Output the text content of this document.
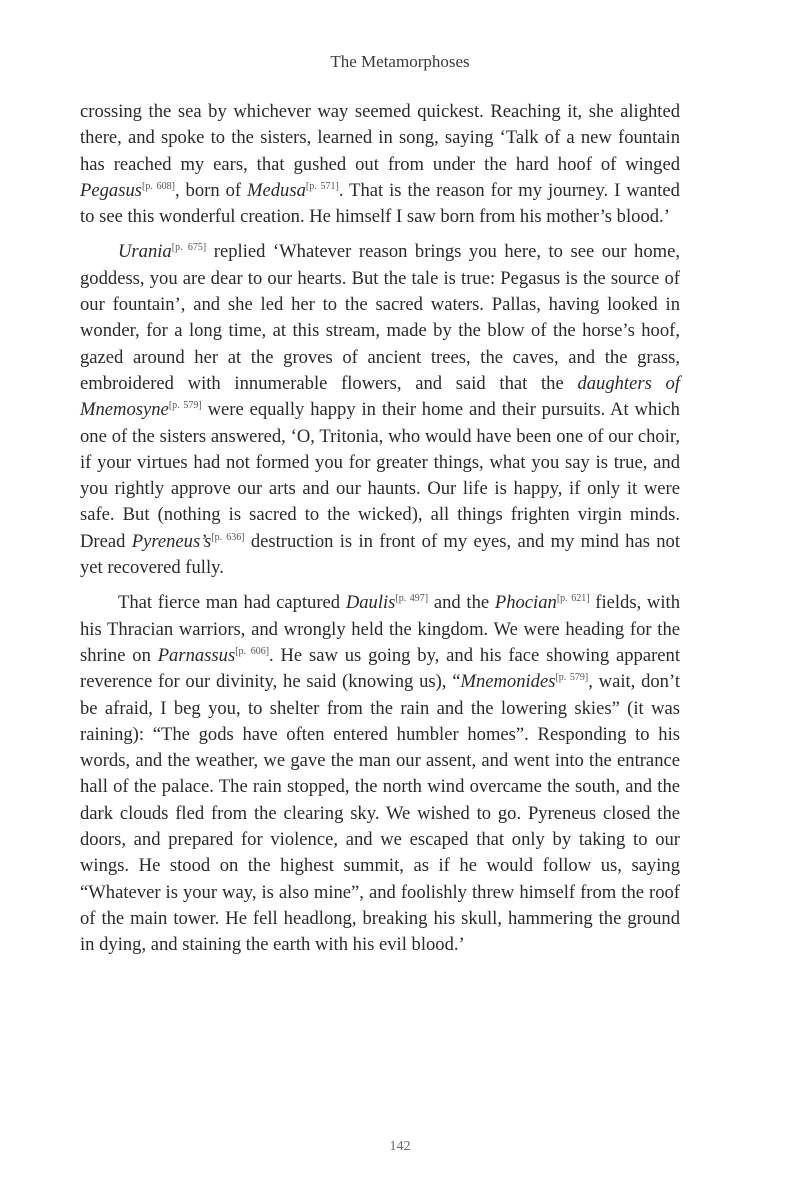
The Metamorphoses

crossing the sea by whichever way seemed quickest. Reaching it, she alighted there, and spoke to the sisters, learned in song, saying ‘Talk of a new fountain has reached my ears, that gushed out from under the hard hoof of winged Pegasus[p. 608], born of Medusa[p. 571]. That is the reason for my journey. I wanted to see this wonderful creation. He himself I saw born from his mother’s blood.’

Urania[p. 675] replied ‘Whatever reason brings you here, to see our home, goddess, you are dear to our hearts. But the tale is true: Pegasus is the source of our fountain’, and she led her to the sacred waters. Pallas, having looked in wonder, for a long time, at this stream, made by the blow of the horse’s hoof, gazed around her at the groves of ancient trees, the caves, and the grass, embroidered with innumerable flowers, and said that the daughters of Mnemosyne[p. 579] were equally happy in their home and their pursuits. At which one of the sisters answered, ‘O, Tritonia, who would have been one of our choir, if your virtues had not formed you for greater things, what you say is true, and you rightly approve our arts and our haunts. Our life is happy, if only it were safe. But (nothing is sacred to the wicked), all things frighten virgin minds. Dread Pyreneus’s[p. 636] destruction is in front of my eyes, and my mind has not yet recovered fully.

That fierce man had captured Daulis[p. 497] and the Phocian[p. 621] fields, with his Thracian warriors, and wrongly held the kingdom. We were heading for the shrine on Parnassus[p. 606]. He saw us going by, and his face showing apparent reverence for our divinity, he said (knowing us), “Mnemonides[p. 579], wait, don’t be afraid, I beg you, to shelter from the rain and the lowering skies” (it was raining): “The gods have often entered humbler homes”. Responding to his words, and the weather, we gave the man our assent, and went into the entrance hall of the palace. The rain stopped, the north wind overcame the south, and the dark clouds fled from the clearing sky. We wished to go. Pyreneus closed the doors, and prepared for violence, and we escaped that only by taking to our wings. He stood on the highest summit, as if he would follow us, saying “Whatever is your way, is also mine”, and foolishly threw himself from the roof of the main tower. He fell headlong, breaking his skull, hammering the ground in dying, and staining the earth with his evil blood.’

142
